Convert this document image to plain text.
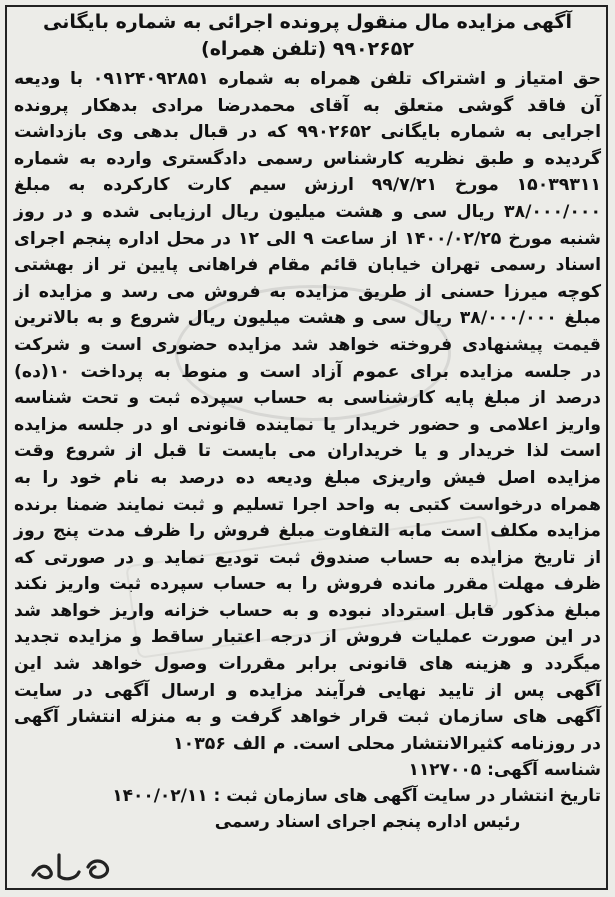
آگهی مزایده مال منقول پرونده اجرائی به شماره بایگانی

۹۹۰۲۶۵۲ (تلفن همراه)

حق امتیاز و اشتراک تلفن همراه به شماره ۰۹۱۲۴۰۹۲۸۵۱ با ودیعه آن فاقد گوشی متعلق به آقای محمدرضا مرادی بدهکار پرونده اجرایی به شماره بایگانی ۹۹۰۲۶۵۲ که در قبال بدهی وی بازداشت گردیده و طبق نظریه کارشناس رسمی دادگستری وارده به شماره ۱۵۰۳۹۳۱۱ مورخ ۹۹/۷/۲۱ ارزش سیم کارت کارکرده به مبلغ ۳۸/۰۰۰/۰۰۰ ریال سی و هشت میلیون ریال ارزیابی شده و در روز شنبه مورخ ۱۴۰۰/۰۲/۲۵ از ساعت ۹ الی ۱۲ در محل اداره پنجم اجرای اسناد رسمی تهران خیابان قائم مقام فراهانی پایین تر از بهشتی کوچه میرزا حسنی از طریق مزایده به فروش می رسد و مزایده از مبلغ ۳۸/۰۰۰/۰۰۰ ریال سی و هشت میلیون ریال شروع و به بالاترین قیمت پیشنهادی فروخته خواهد شد مزایده حضوری است و شرکت در جلسه مزایده برای عموم آزاد است و منوط به پرداخت ۱۰(ده) درصد از مبلغ پایه کارشناسی به حساب سپرده ثبت و تحت شناسه واریز اعلامی و حضور خریدار یا نماینده قانونی او در جلسه مزایده است لذا خریدار و یا خریداران می بایست تا قبل از شروع وقت مزایده اصل فیش واریزی مبلغ ودیعه ده درصد به نام خود را به همراه درخواست کتبی به واحد اجرا تسلیم و ثبت نمایند ضمنا برنده مزایده مکلف است مابه التفاوت مبلغ فروش را ظرف مدت پنج روز از تاریخ مزایده به حساب صندوق ثبت تودیع نماید و در صورتی که ظرف مهلت مقرر مانده فروش را به حساب سپرده ثبت واریز نکند مبلغ مذکور قابل استرداد نبوده و به حساب خزانه واریز خواهد شد در این صورت عملیات فروش از درجه اعتبار ساقط و مزایده تجدید میگردد و هزینه های قانونی برابر مقررات وصول خواهد شد این آگهی پس از تایید نهایی فرآیند مزایده و ارسال آگهی در سایت آگهی های سازمان ثبت قرار خواهد گرفت و به منزله انتشار آگهی در روزنامه کثیرالانتشار محلی است. م الف ۱۰۳۵۶

شناسه آگهی: ۱۱۲۷۰۰۵

تاریخ انتشار در سایت آگهی های سازمان ثبت : ۱۴۰۰/۰۲/۱۱

رئیس اداره پنجم اجرای اسناد رسمی
